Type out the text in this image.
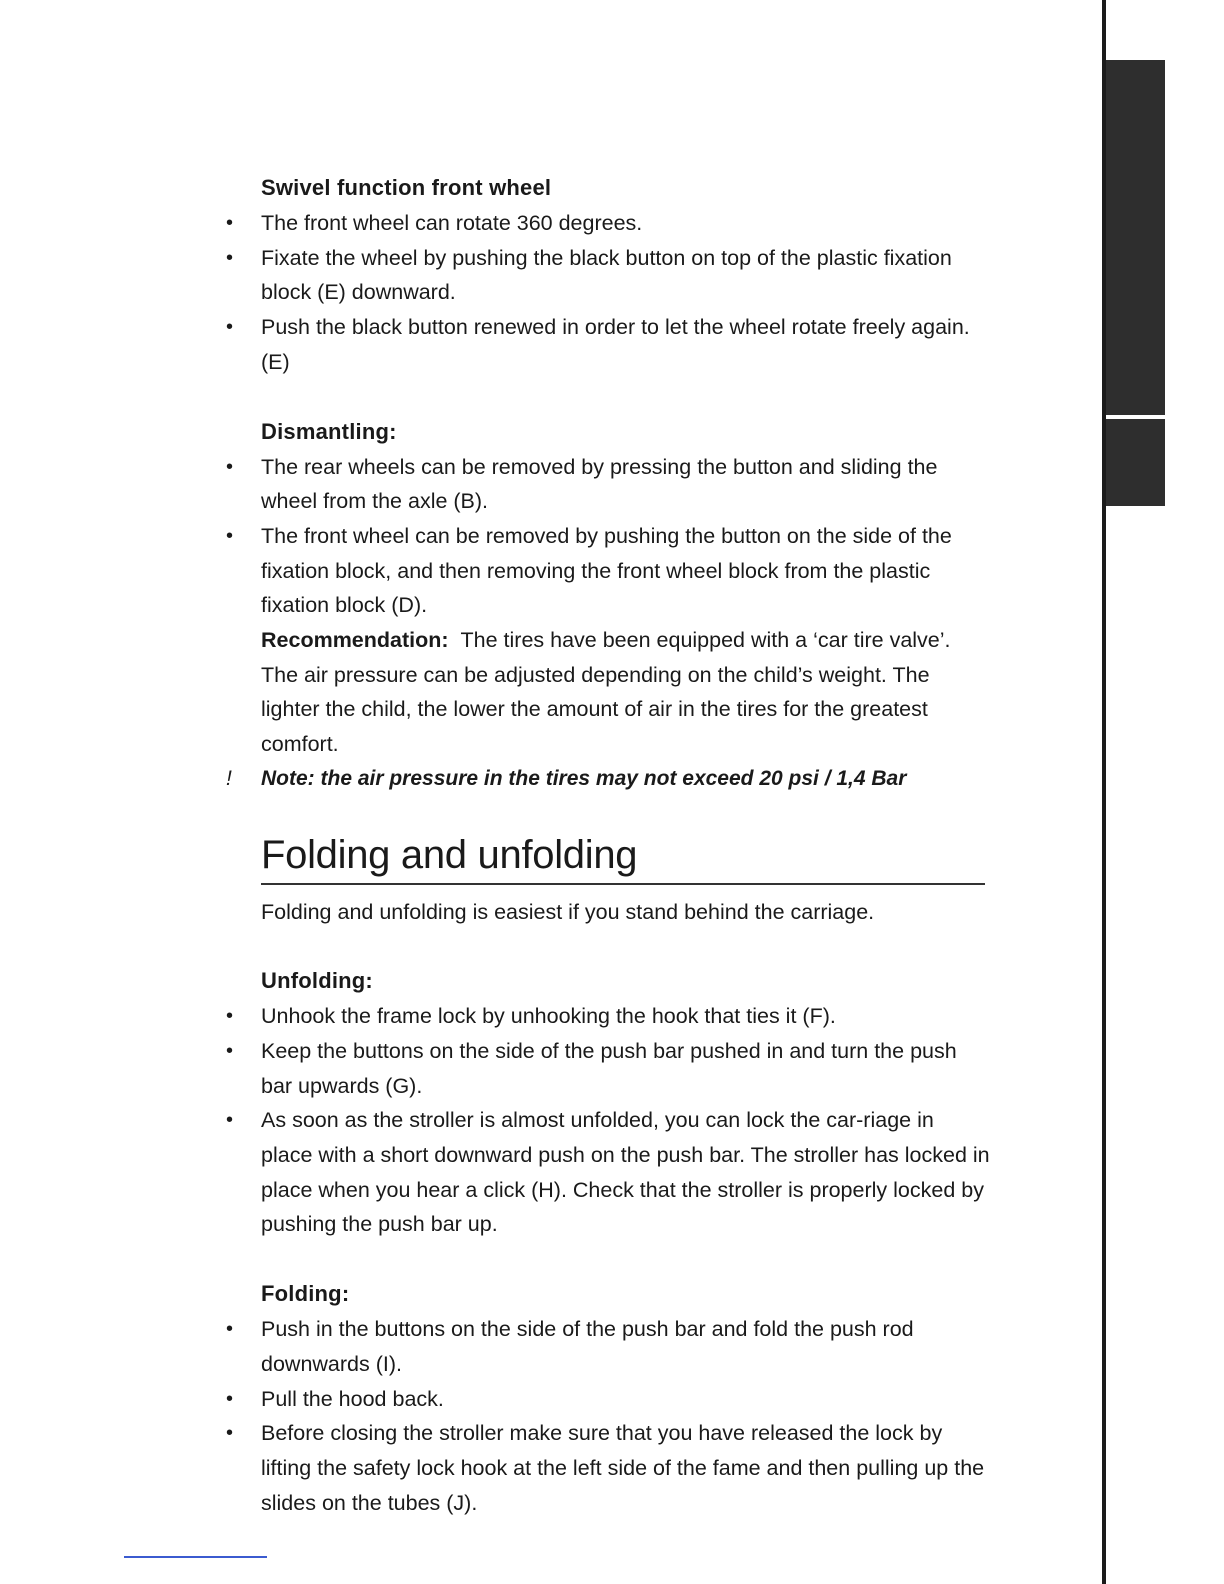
Swivel function front wheel
•	The front wheel can rotate 360 degrees.
•	Fixate the wheel by pushing the black button on top of the plastic fixation block (E) downward.
•	Push the black button renewed in order to let the wheel rotate freely again. (E)
Dismantling:
•	The rear wheels can be removed by pressing the button and sliding the wheel from the axle (B).
•	The front wheel can be removed by pushing the button on the side of the fixation block, and then removing the front wheel block from the plastic fixation block (D).
Recommendation: The tires have been equipped with a ‘car tire valve’. The air pressure can be adjusted depending on the child’s weight. The lighter the child, the lower the amount of air in the tires for the greatest comfort.
! Note: the air pressure in the tires may not exceed 20 psi / 1,4 Bar
Folding and unfolding
Folding and unfolding is easiest if you stand behind the carriage.
Unfolding:
•	Unhook the frame lock by unhooking the hook that ties it (F).
•	Keep the buttons on the side of the push bar pushed in and turn the push bar upwards (G).
•	As soon as the stroller is almost unfolded, you can lock the car-riage in place with a short downward push on the push bar. The stroller has locked in place when you hear a click (H). Check that the stroller is properly locked by pushing the push bar up.
Folding:
•	Push in the buttons on the side of the push bar and fold the push rod downwards (I).
•	Pull the hood back.
•	Before closing the stroller make sure that you have released the lock by lifting the safety lock hook at the left side of the fame and then pulling up the slides on the tubes (J).
